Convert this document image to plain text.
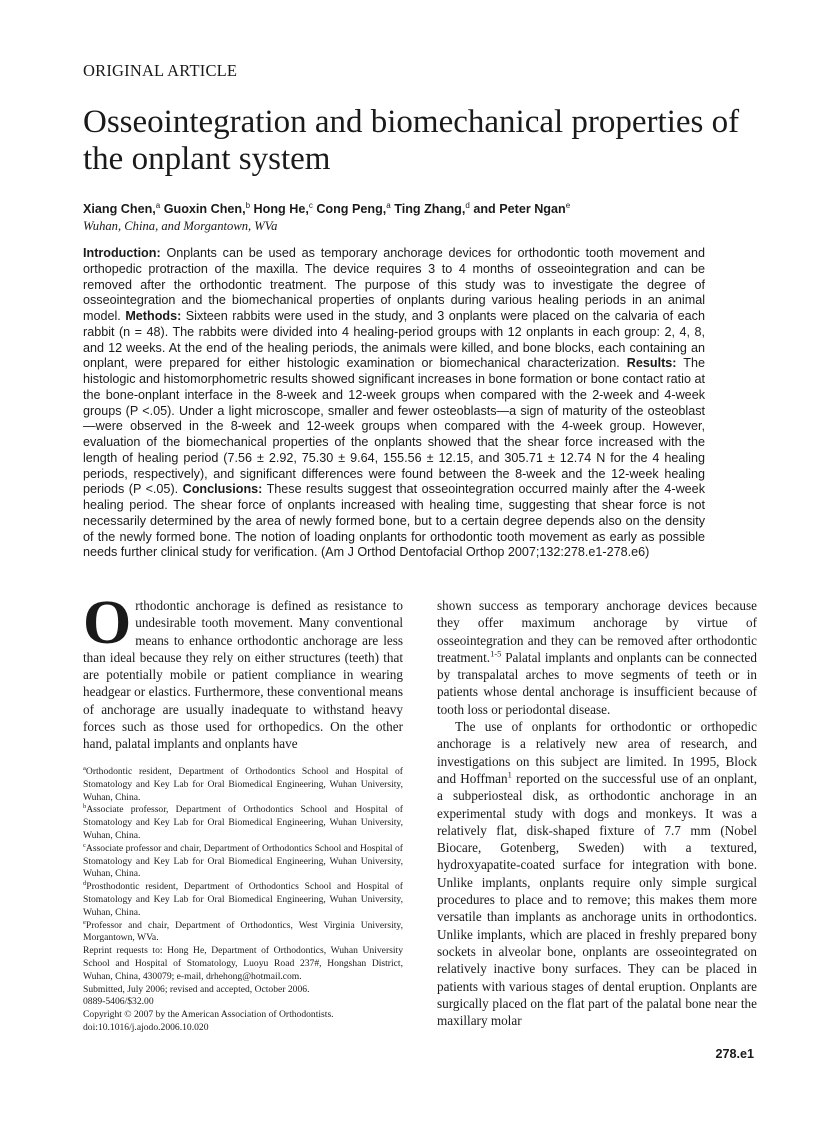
ORIGINAL ARTICLE
Osseointegration and biomechanical properties of the onplant system
Xiang Chen,$^a$ Guoxin Chen,$^b$ Hong He,$^c$ Cong Peng,$^a$ Ting Zhang,$^d$ and Peter Ngan$^e$
Wuhan, China, and Morgantown, WVa

Introduction: Onplants can be used as temporary anchorage devices for orthodontic tooth movement and orthopedic protraction of the maxilla. The device requires 3 to 4 months of osseointegration and can be removed after the orthodontic treatment. The purpose of this study was to investigate the degree of osseointegration and the biomechanical properties of onplants during various healing periods in an animal model. Methods: Sixteen rabbits were used in the study, and 3 onplants were placed on the calvaria of each rabbit (n = 48). The rabbits were divided into 4 healing-period groups with 12 onplants in each group: 2, 4, 8, and 12 weeks. At the end of the healing periods, the animals were killed, and bone blocks, each containing an onplant, were prepared for either histologic examination or biomechanical characterization. Results: The histologic and histomorphometric results showed significant increases in bone formation or bone contact ratio at the bone-onplant interface in the 8-week and 12-week groups when compared with the 2-week and 4-week groups (P <.05). Under a light microscope, smaller and fewer osteoblasts—a sign of maturity of the osteoblast—were observed in the 8-week and 12-week groups when compared with the 4-week group. However, evaluation of the biomechanical properties of the onplants showed that the shear force increased with the length of healing period (7.56 ± 2.92, 75.30 ± 9.64, 155.56 ± 12.15, and 305.71 ± 12.74 N for the 4 healing periods, respectively), and significant differences were found between the 8-week and the 12-week healing periods (P <.05). Conclusions: These results suggest that osseointegration occurred mainly after the 4-week healing period. The shear force of onplants increased with healing time, suggesting that shear force is not necessarily determined by the area of newly formed bone, but to a certain degree depends also on the density of the newly formed bone. The notion of loading onplants for orthodontic tooth movement as early as possible needs further clinical study for verification. (Am J Orthod Dentofacial Orthop 2007;132:278.e1-278.e6)

Orthodontic anchorage is defined as resistance to undesirable tooth movement. Many conventional means to enhance orthodontic anchorage are less than ideal because they rely on either structures (teeth) that are potentially mobile or patient compliance in wearing headgear or elastics. Furthermore, these conventional means of anchorage are usually inadequate to withstand heavy forces such as those used for orthopedics. On the other hand, palatal implants and onplants have

$^a$Orthodontic resident, Department of Orthodontics School and Hospital of Stomatology and Key Lab for Oral Biomedical Engineering, Wuhan University, Wuhan, China.
$^b$Associate professor, Department of Orthodontics School and Hospital of Stomatology and Key Lab for Oral Biomedical Engineering, Wuhan University, Wuhan, China.
$^c$Associate professor and chair, Department of Orthodontics School and Hospital of Stomatology and Key Lab for Oral Biomedical Engineering, Wuhan University, Wuhan, China.
$^d$Prosthodontic resident, Department of Orthodontics School and Hospital of Stomatology and Key Lab for Oral Biomedical Engineering, Wuhan University, Wuhan, China.
$^e$Professor and chair, Department of Orthodontics, West Virginia University, Morgantown, WVa.
Reprint requests to: Hong He, Department of Orthodontics, Wuhan University School and Hospital of Stomatology, Luoyu Road 237#, Hongshan District, Wuhan, China, 430079; e-mail, drhehong@hotmail.com.
Submitted, July 2006; revised and accepted, October 2006.
0889-5406/$32.00
Copyright © 2007 by the American Association of Orthodontists.
doi:10.1016/j.ajodo.2006.10.020

shown success as temporary anchorage devices because they offer maximum anchorage by virtue of osseointegration and they can be removed after orthodontic treatment.$^{1-5}$ Palatal implants and onplants can be connected by transpalatal arches to move segments of teeth or in patients whose dental anchorage is insufficient because of tooth loss or periodontal disease.

The use of onplants for orthodontic or orthopedic anchorage is a relatively new area of research, and investigations on this subject are limited. In 1995, Block and Hoffman$^1$ reported on the successful use of an onplant, a subperiosteal disk, as orthodontic anchorage in an experimental study with dogs and monkeys. It was a relatively flat, disk-shaped fixture of 7.7 mm (Nobel Biocare, Gotenberg, Sweden) with a textured, hydroxyapatite-coated surface for integration with bone. Unlike implants, onplants require only simple surgical procedures to place and to remove; this makes them more versatile than implants as anchorage units in orthodontics. Unlike implants, which are placed in freshly prepared bony sockets in alveolar bone, onplants are osseointegrated on relatively inactive bony surfaces. They can be placed in patients with various stages of dental eruption. Onplants are surgically placed on the flat part of the palatal bone near the maxillary molar

278.e1
